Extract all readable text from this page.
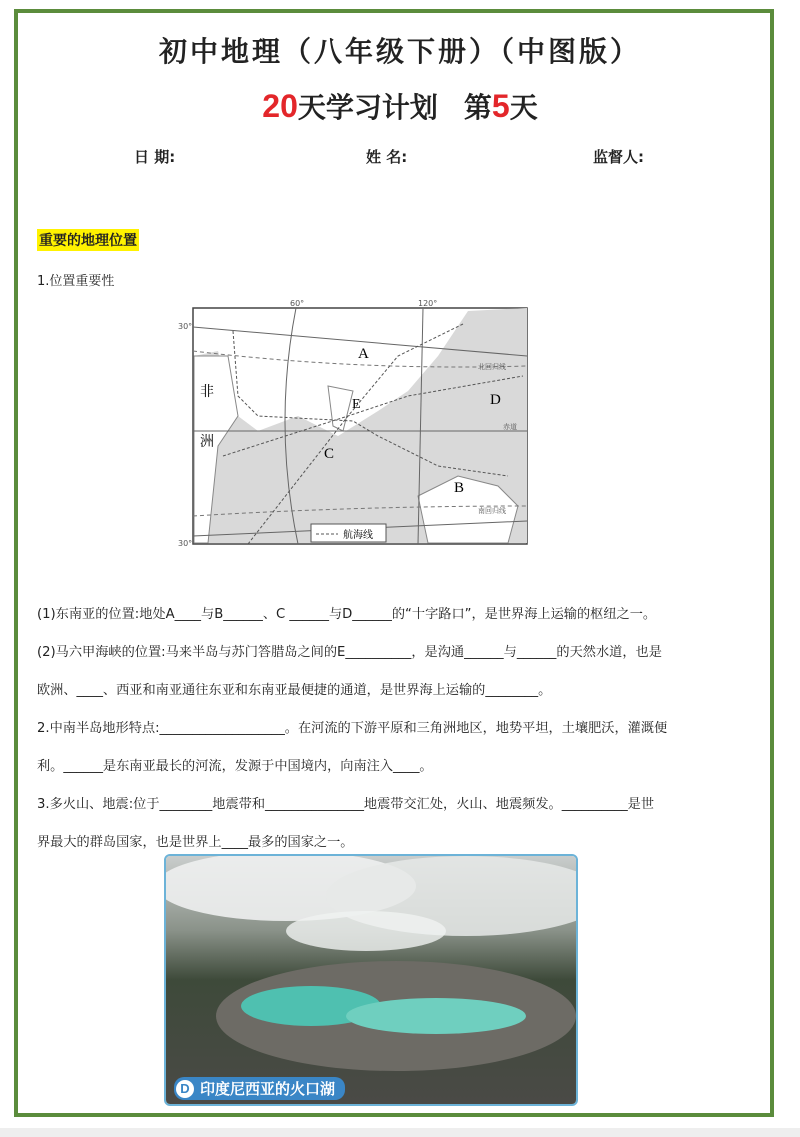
初中地理（八年级下册）（中图版）
20天学习计划 第5天
日 期:	姓 名:	监督人:
重要的地理位置
1.位置重要性
60°	120°
30°
30°
非
洲
A
B
C
D
E
北回归线
赤道
南回归线
航海线
(1)东南亚的位置:地处A____与B______、C ______与D______的“十字路口”，是世界海上运输的枢纽之一。
(2)马六甲海峡的位置:马来半岛与苏门答腊岛之间的E__________，是沟通______与______的天然水道，也是
欧洲、____、西亚和南亚通往东亚和东南亚最便捷的通道，是世界海上运输的________。
2.中南半岛地形特点:___________________。在河流的下游平原和三角洲地区，地势平坦，土壤肥沃，灌溉便
利。______是东南亚最长的河流，发源于中国境内，向南注入____。
3.多火山、地震:位于________地震带和_______________地震带交汇处，火山、地震频发。__________是世
界最大的群岛国家，也是世界上____最多的国家之一。
D 印度尼西亚的火口湖
